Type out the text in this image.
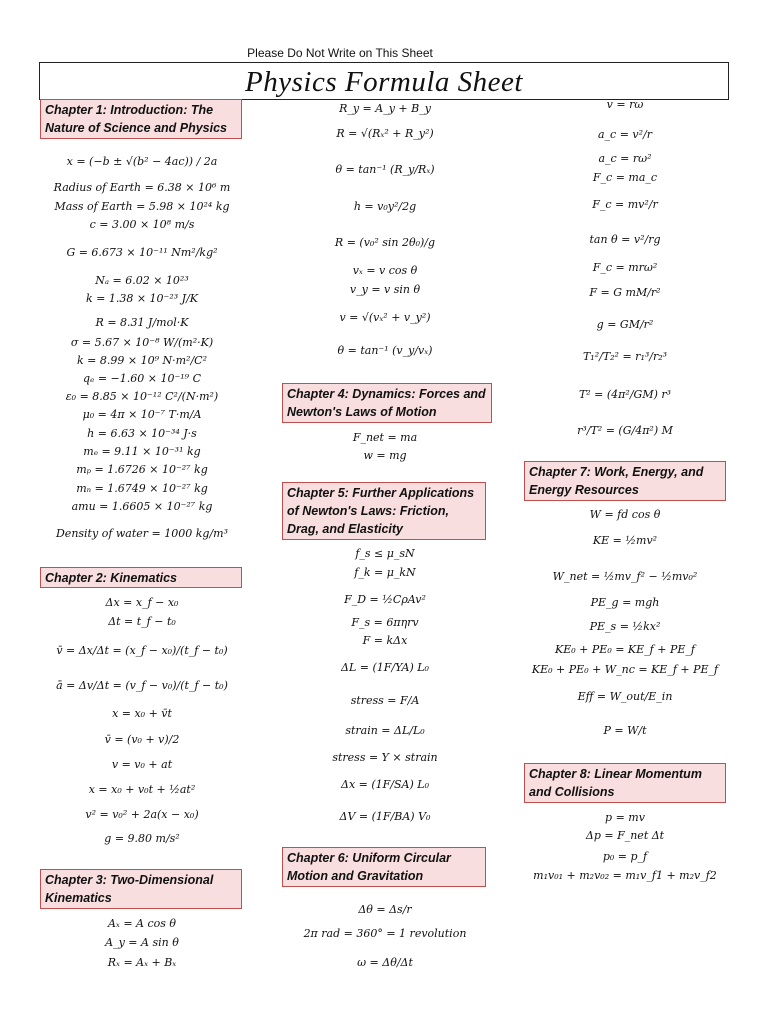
Please Do Not Write on This Sheet
Physics Formula Sheet
Chapter 1: Introduction: The Nature of Science and Physics
x = (−b ± √(b² − 4ac)) / 2a
Radius of Earth = 6.38 × 10⁶ m
Mass of Earth = 5.98 × 10²⁴ kg
c = 3.00 × 10⁸ m/s
G = 6.673 × 10⁻¹¹ Nm²/kg²
Nₐ = 6.02 × 10²³
k = 1.38 × 10⁻²³ J/K
R = 8.31 J/mol·K
σ = 5.67 × 10⁻⁸ W/(m²·K)
k = 8.99 × 10⁹ N·m²/C²
qₑ = −1.60 × 10⁻¹⁹ C
ε₀ = 8.85 × 10⁻¹² C²/(N·m²)
μ₀ = 4π × 10⁻⁷ T·m/A
h = 6.63 × 10⁻³⁴ J·s
mₑ = 9.11 × 10⁻³¹ kg
mₚ = 1.6726 × 10⁻²⁷ kg
mₙ = 1.6749 × 10⁻²⁷ kg
amu = 1.6605 × 10⁻²⁷ kg
Density of water = 1000 kg/m³
Chapter 2: Kinematics
Δx = x_f − x₀
Δt = t_f − t₀
v̄ = Δx/Δt = (x_f − x₀)/(t_f − t₀)
ā = Δv/Δt = (v_f − v₀)/(t_f − t₀)
x = x₀ + v̄t
v̄ = (v₀ + v)/2
v = v₀ + at
x = x₀ + v₀t + ½at²
v² = v₀² + 2a(x − x₀)
g = 9.80 m/s²
Chapter 3: Two-Dimensional Kinematics
Aₓ = A cos θ
A_y = A sin θ
Rₓ = Aₓ + Bₓ
R_y = A_y + B_y
R = √(Rₓ² + R_y²)
θ = tan⁻¹ (R_y/Rₓ)
h = v₀y²/2g
R = (v₀² sin 2θ₀)/g
vₓ = v cos θ
v_y = v sin θ
v = √(vₓ² + v_y²)
θ = tan⁻¹ (v_y/vₓ)
Chapter 4: Dynamics: Forces and Newton's Laws of Motion
F_net = ma
w = mg
Chapter 5: Further Applications of Newton's Laws: Friction, Drag, and Elasticity
f_s ≤ μ_sN
f_k = μ_kN
F_D = ½CρAv²
F_s = 6πηrv
F = kΔx
ΔL = (1F/YA) L₀
stress = F/A
strain = ΔL/L₀
stress = Y × strain
Δx = (1F/SA) L₀
ΔV = (1F/BA) V₀
Chapter 6: Uniform Circular Motion and Gravitation
Δθ = Δs/r
2π rad = 360° = 1 revolution
ω = Δθ/Δt
v = rω
a_c = v²/r
a_c = rω²
F_c = ma_c
F_c = mv²/r
tan θ = v²/rg
F_c = mrω²
F = G mM/r²
g = GM/r²
T₁²/T₂² = r₁³/r₂³
T² = (4π²/GM) r³
r³/T² = (G/4π²) M
Chapter 7: Work, Energy, and Energy Resources
W = fd cos θ
KE = ½mv²
W_net = ½mv_f² − ½mv₀²
PE_g = mgh
PE_s = ½kx²
KE₀ + PE₀ = KE_f + PE_f
KE₀ + PE₀ + W_nc = KE_f + PE_f
Eff = W_out/E_in
P = W/t
Chapter 8: Linear Momentum and Collisions
p = mv
Δp = F_net Δt
p₀ = p_f
m₁v₀₁ + m₂v₀₂ = m₁v_f1 + m₂v_f2
